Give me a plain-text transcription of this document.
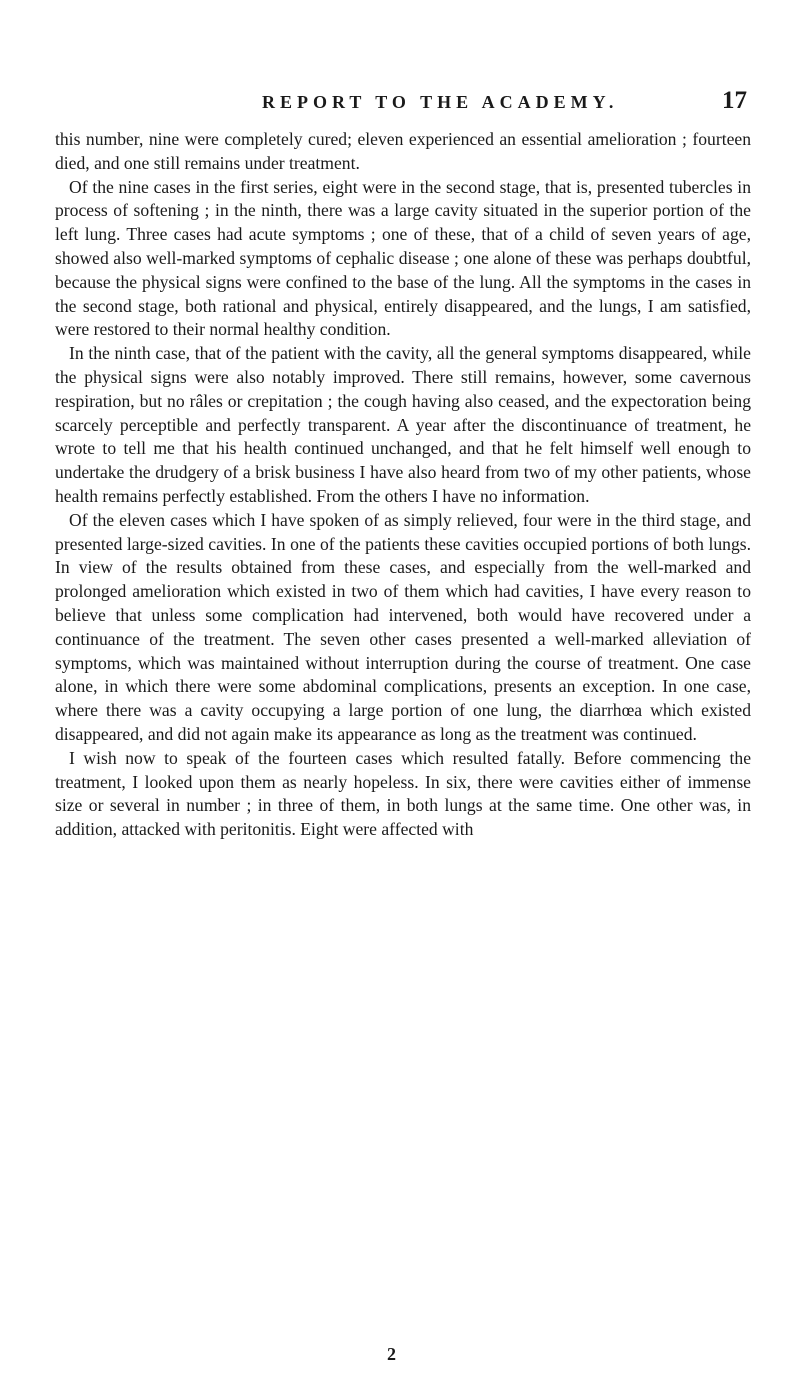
REPORT TO THE ACADEMY.	17

this number, nine were completely cured; eleven experienced an essential amelioration ; fourteen died, and one still remains under treatment.

Of the nine cases in the first series, eight were in the second stage, that is, presented tubercles in process of softening ; in the ninth, there was a large cavity situated in the superior portion of the left lung. Three cases had acute symptoms ; one of these, that of a child of seven years of age, showed also well-marked symptoms of cephalic disease ; one alone of these was perhaps doubtful, because the physical signs were confined to the base of the lung. All the symptoms in the cases in the second stage, both rational and physical, entirely disappeared, and the lungs, I am satisfied, were restored to their normal healthy condition.

In the ninth case, that of the patient with the cavity, all the general symptoms disappeared, while the physical signs were also notably improved. There still remains, however, some cavernous respiration, but no râles or crepitation ; the cough having also ceased, and the expectoration being scarcely perceptible and perfectly transparent. A year after the discontinuance of treatment, he wrote to tell me that his health continued unchanged, and that he felt himself well enough to undertake the drudgery of a brisk business I have also heard from two of my other patients, whose health remains perfectly established. From the others I have no information.

Of the eleven cases which I have spoken of as simply relieved, four were in the third stage, and presented large-sized cavities. In one of the patients these cavities occupied portions of both lungs. In view of the results obtained from these cases, and especially from the well-marked and prolonged amelioration which existed in two of them which had cavities, I have every reason to believe that unless some complication had intervened, both would have recovered under a continuance of the treatment. The seven other cases presented a well-marked alleviation of symptoms, which was maintained without interruption during the course of treatment. One case alone, in which there were some abdominal complications, presents an exception. In one case, where there was a cavity occupying a large portion of one lung, the diarrhœa which existed disappeared, and did not again make its appearance as long as the treatment was continued.

I wish now to speak of the fourteen cases which resulted fatally. Before commencing the treatment, I looked upon them as nearly hopeless. In six, there were cavities either of immense size or several in number ; in three of them, in both lungs at the same time. One other was, in addition, attacked with peritonitis. Eight were affected with

2
